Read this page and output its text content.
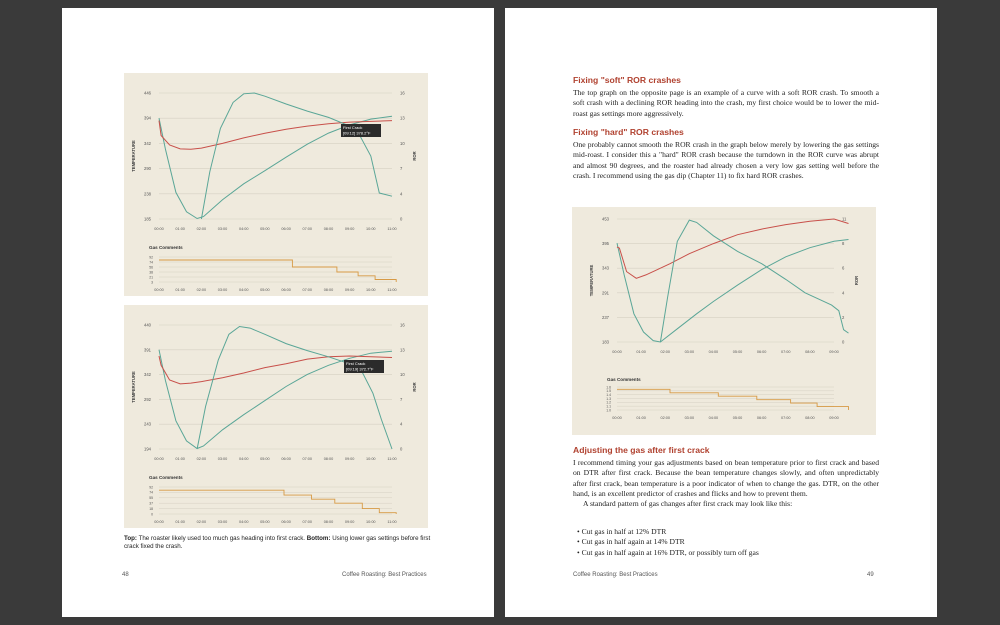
446
394
342
290
238
185
16
13
10
7
4
0
00:00	01:00	02:00	03:00	04:00	05:00	06:00	07:00	08:00	09:00	10:00	11:00
TEMPERATURE	ROR
First Crack
[09:12] 378.2°F
Gas Comments
92
74
56
38
21
3
00:00	01:00	02:00	03:00	04:00	05:00	06:00	07:00	08:00	09:00	10:00	11:00
440
391
342
292
243
194
16
13
10
7
4
0
00:00	01:00	02:00	03:00	04:00	05:00	06:00	07:00	08:00	09:00	10:00	11:00
TEMPERATURE	ROR
First Crack
[09:19] 372.7°F
Gas Comments
92
74
55
37
18
0
00:00	01:00	02:00	03:00	04:00	05:00	06:00	07:00	08:00	09:00	10:00	11:00
Top: The roaster likely used too much gas heading into first crack. Bottom: Using lower gas settings before first crack fixed the crash.
48	Coffee Roasting: Best Practices
Fixing "soft" ROR crashes
The top graph on the opposite page is an example of a curve with a soft ROR crash. To smooth a soft crash with a declining ROR heading into the crash, my first choice would be to lower the mid-roast gas settings more aggressively.
Fixing "hard" ROR crashes
One probably cannot smooth the ROR crash in the graph below merely by lowering the gas settings mid-roast. I consider this a "hard" ROR crash because the turndown in the ROR curve was abrupt and almost 90 degrees, and the roaster had already chosen a very low gas setting well before the crash. I recommend using the gas dip (Chapter 11) to fix hard ROR crashes.
453
395
343
291
237
183
11
8
6
4
2
0
00:00	01:00	02:00	03:00	04:00	05:00	06:00	07:00	08:00	09:00
TEMPERATURE	ROR
Gas Comments
1.6
1.5
1.4
1.3
1.2
1.1
1.0
00:00	01:00	02:00	03:00	04:00	05:00	06:00	07:00	08:00	09:00
Adjusting the gas after first crack
I recommend timing your gas adjustments based on bean temperature prior to first crack and based on DTR after first crack. Because the bean temperature changes slowly, and often unpredictably after first crack, bean temperature is a poor indicator of when to change the gas. DTR, on the other hand, is an excellent predictor of crashes and flicks and how to prevent them.
A standard pattern of gas changes after first crack may look like this:
• Cut gas in half at 12% DTR
• Cut gas in half again at 14% DTR
• Cut gas in half again at 16% DTR, or possibly turn off gas
Coffee Roasting: Best Practices	49
